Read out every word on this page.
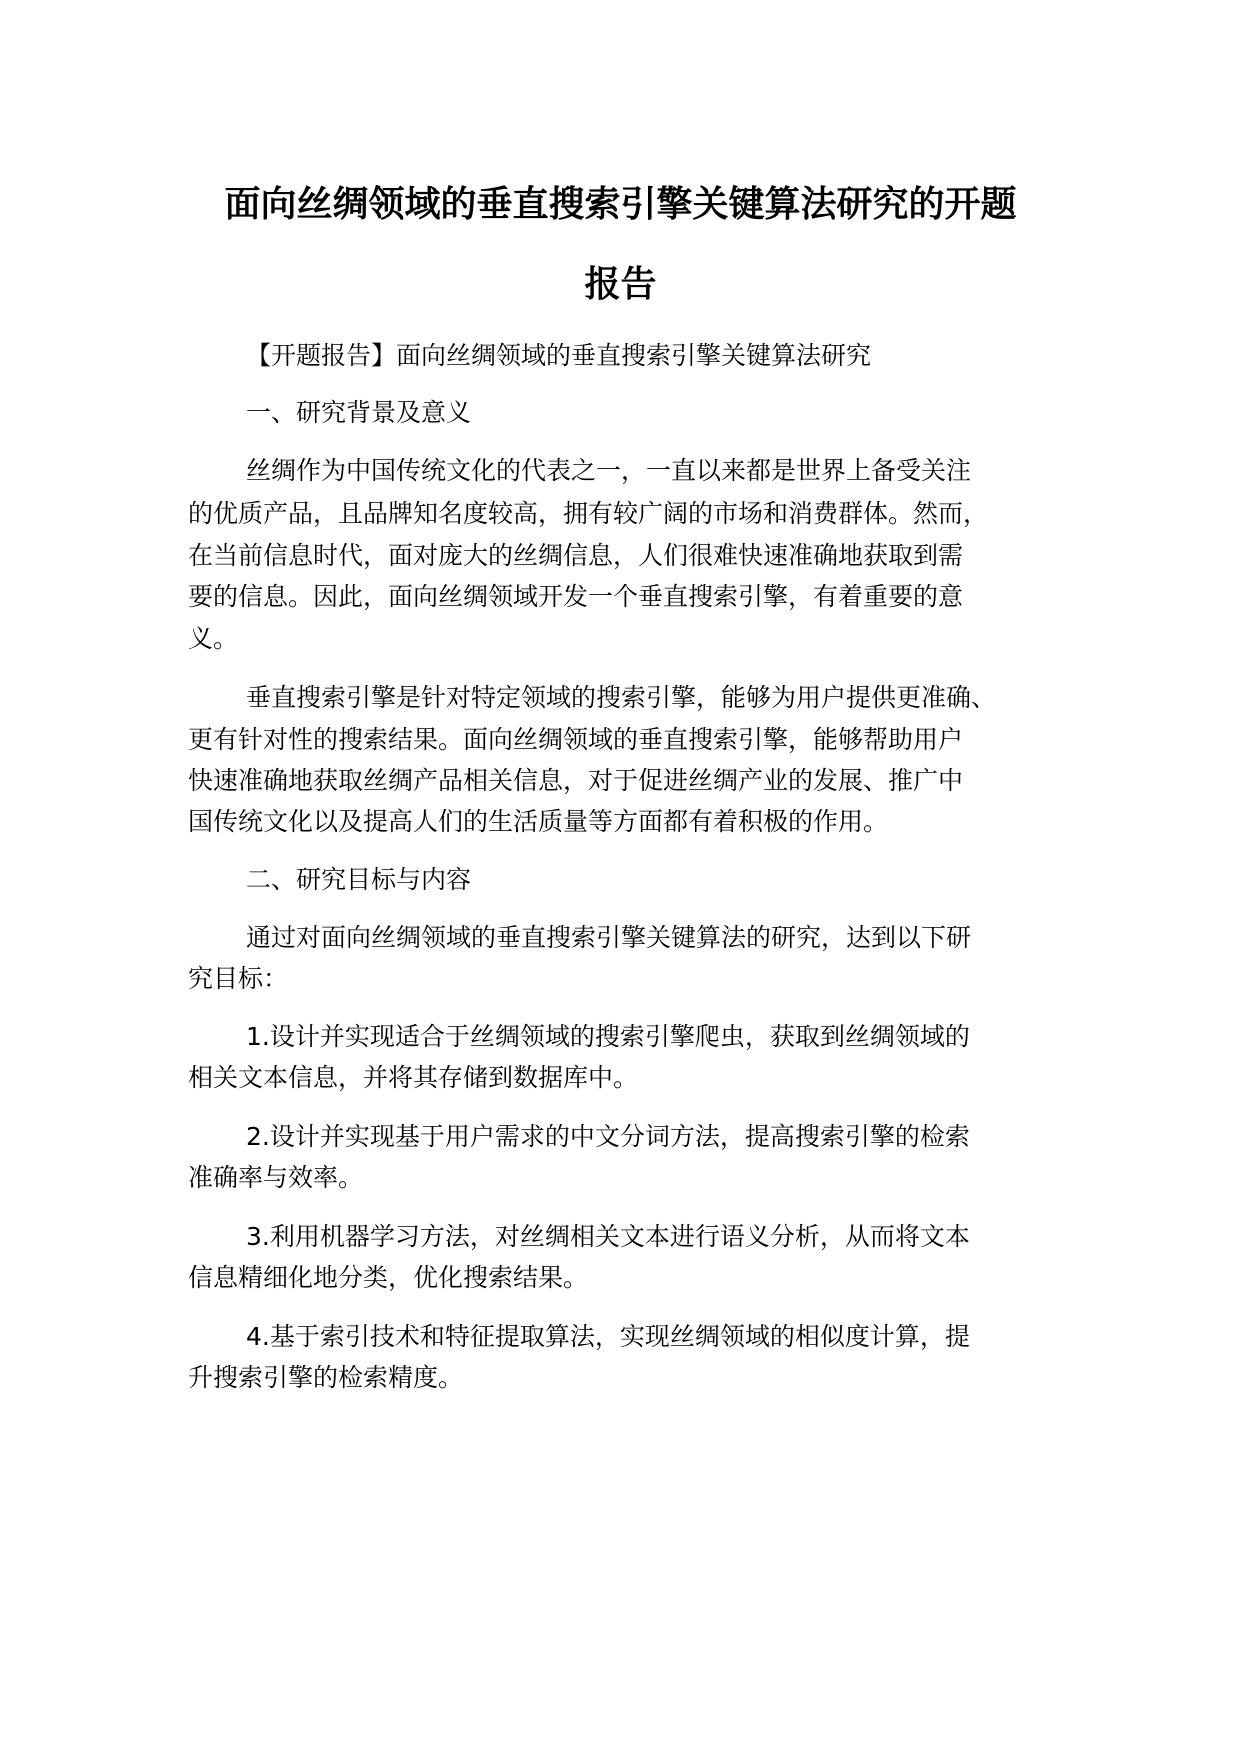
面向丝绸领域的垂直搜索引擎关键算法研究的开题
报告

【开题报告】面向丝绸领域的垂直搜索引擎关键算法研究

一、研究背景及意义

丝绸作为中国传统文化的代表之一，一直以来都是世界上备受关注

的优质产品，且品牌知名度较高，拥有较广阔的市场和消费群体。然而，

在当前信息时代，面对庞大的丝绸信息，人们很难快速准确地获取到需

要的信息。因此，面向丝绸领域开发一个垂直搜索引擎，有着重要的意

义。

垂直搜索引擎是针对特定领域的搜索引擎，能够为用户提供更准确、

更有针对性的搜索结果。面向丝绸领域的垂直搜索引擎，能够帮助用户

快速准确地获取丝绸产品相关信息，对于促进丝绸产业的发展、推广中

国传统文化以及提高人们的生活质量等方面都有着积极的作用。

二、研究目标与内容

通过对面向丝绸领域的垂直搜索引擎关键算法的研究，达到以下研

究目标：

1.设计并实现适合于丝绸领域的搜索引擎爬虫，获取到丝绸领域的

相关文本信息，并将其存储到数据库中。

2.设计并实现基于用户需求的中文分词方法，提高搜索引擎的检索

准确率与效率。

3.利用机器学习方法，对丝绸相关文本进行语义分析，从而将文本

信息精细化地分类，优化搜索结果。

4.基于索引技术和特征提取算法，实现丝绸领域的相似度计算，提

升搜索引擎的检索精度。
